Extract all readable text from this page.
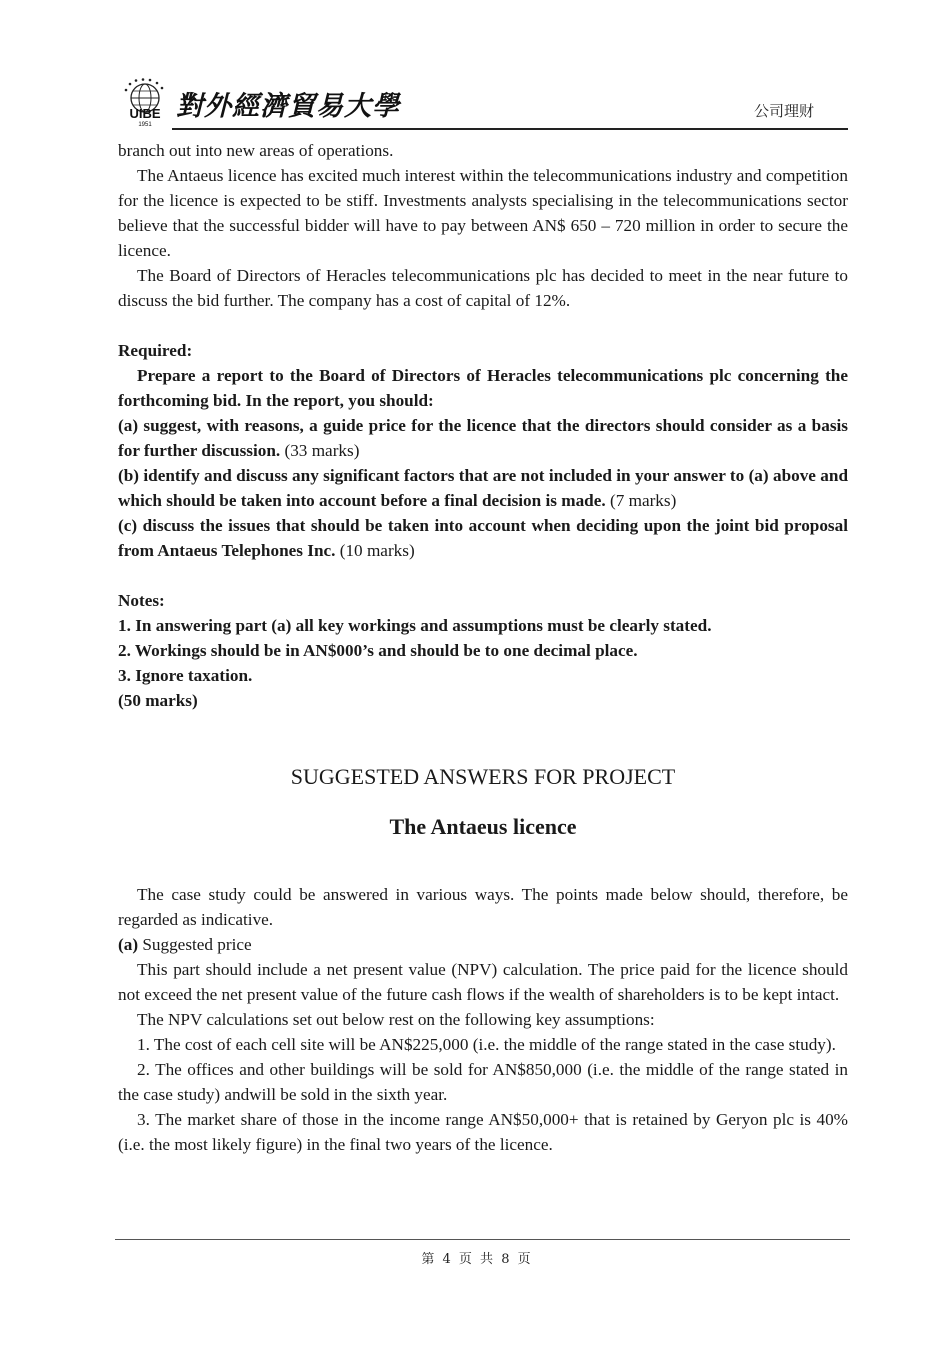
UIBE
1951
對外經濟貿易大學	公司理财

branch out into new areas of operations.

The Antaeus licence has excited much interest within the telecommunications industry and competition for the licence is expected to be stiff. Investments analysts specialising in the telecommunications sector believe that the successful bidder will have to pay between AN$ 650 – 720 million in order to secure the licence.

The Board of Directors of Heracles telecommunications plc has decided to meet in the near future to discuss the bid further. The company has a cost of capital of 12%.

Required:

Prepare a report to the Board of Directors of Heracles telecommunications plc concerning the forthcoming bid. In the report, you should:

(a) suggest, with reasons, a guide price for the licence that the directors should consider as a basis for further discussion. (33 marks)

(b) identify and discuss any significant factors that are not included in your answer to (a) above and which should be taken into account before a final decision is made. (7 marks)

(c) discuss the issues that should be taken into account when deciding upon the joint bid proposal from Antaeus Telephones Inc. (10 marks)

Notes:

1. In answering part (a) all key workings and assumptions must be clearly stated.

2. Workings should be in AN$000’s and should be to one decimal place.

3. Ignore taxation.

(50 marks)

SUGGESTED ANSWERS FOR PROJECT
The Antaeus licence

The case study could be answered in various ways. The points made below should, therefore, be regarded as indicative.

(a) Suggested price

This part should include a net present value (NPV) calculation. The price paid for the licence should not exceed the net present value of the future cash flows if the wealth of shareholders is to be kept intact.

The NPV calculations set out below rest on the following key assumptions:

1. The cost of each cell site will be AN$225,000 (i.e. the middle of the range stated in the case study).

2. The offices and other buildings will be sold for AN$850,000 (i.e. the middle of the range stated in the case study) andwill be sold in the sixth year.

3. The market share of those in the income range AN$50,000+ that is retained by Geryon plc is 40% (i.e. the most likely figure) in the final two years of the licence.

第 4 页 共 8 页
